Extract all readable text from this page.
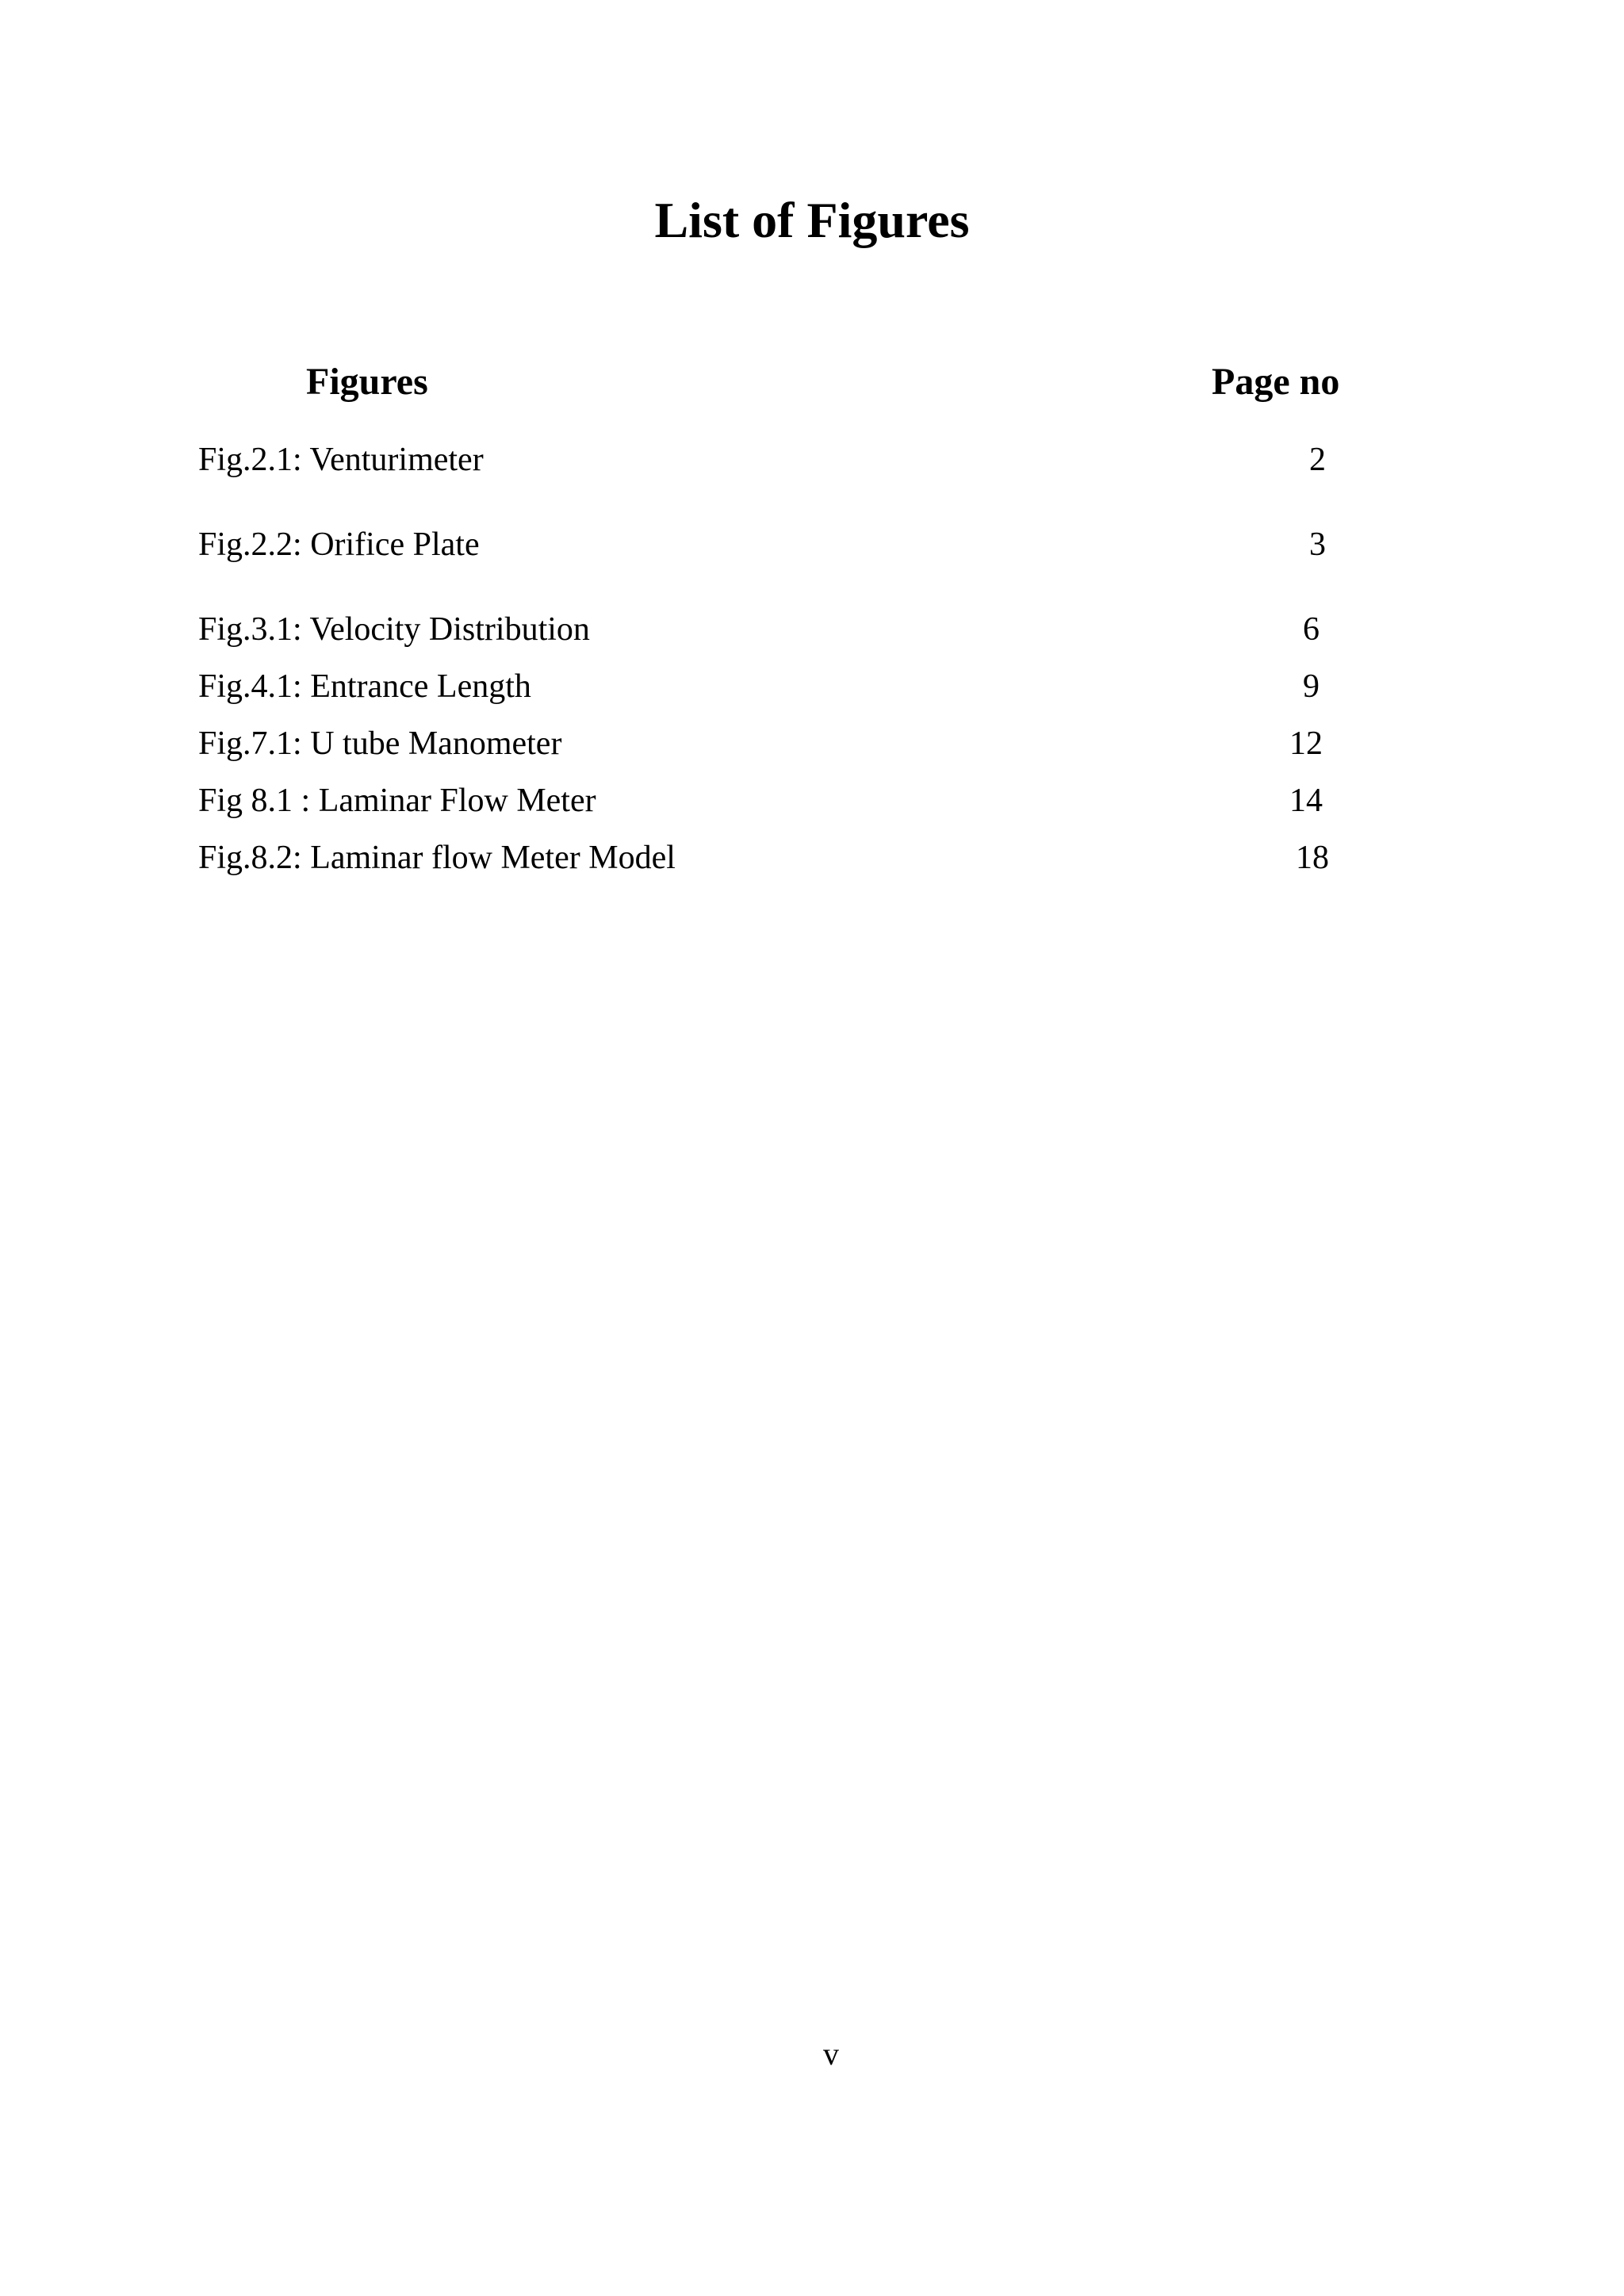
List of Figures
Figures	Page no
Fig.2.1: Venturimeter	2
Fig.2.2: Orifice Plate	3
Fig.3.1: Velocity Distribution	6
Fig.4.1: Entrance Length	9
Fig.7.1: U tube Manometer	12
Fig 8.1 : Laminar Flow Meter	14
Fig.8.2: Laminar flow Meter Model	18
v
